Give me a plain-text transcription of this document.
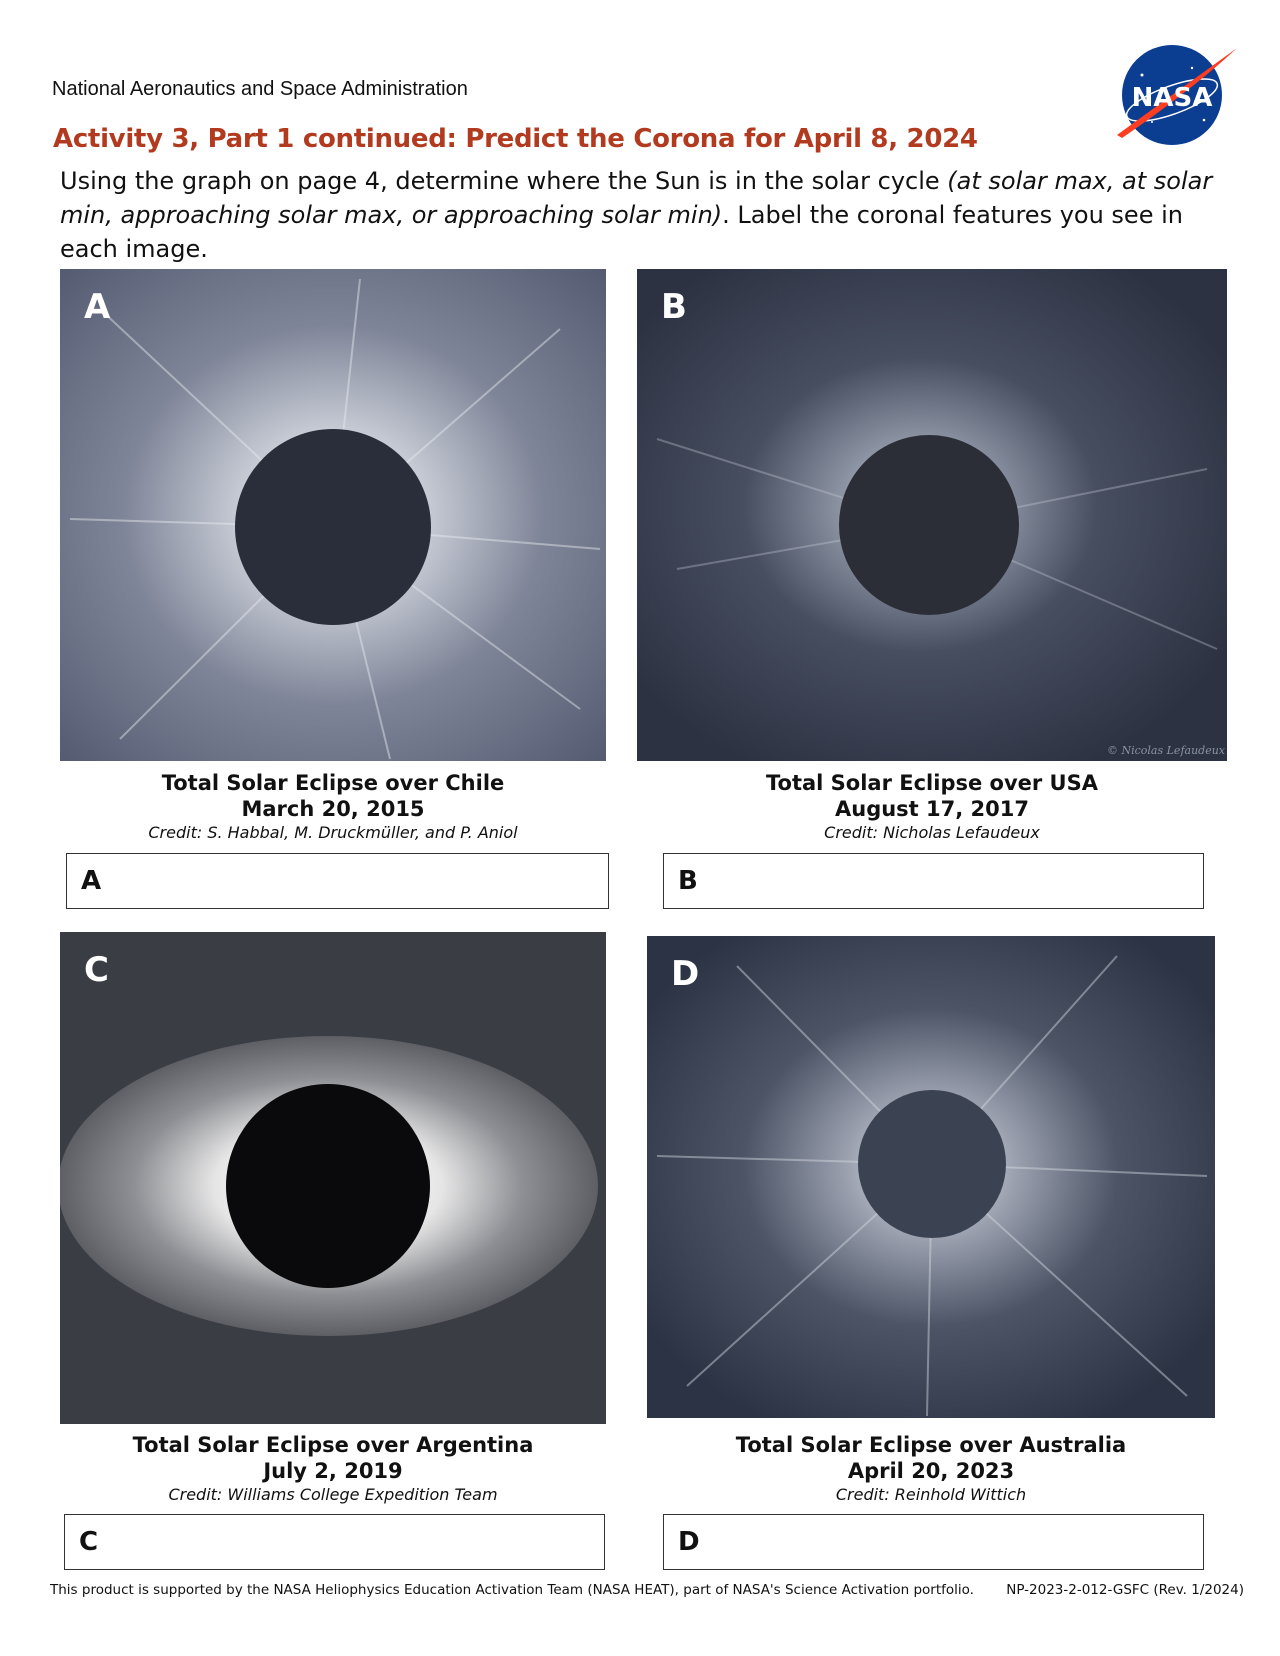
National Aeronautics and Space Administration	NASA
Activity 3, Part 1 continued: Predict the Corona for April 8, 2024
Using the graph on page 4, determine where the Sun is in the solar cycle (at solar max, at solar min, approaching solar max, or approaching solar min). Label the coronal features you see in each image.
A	B
© Nicolas Lefaudeux
C	D
Total Solar Eclipse over Chile
March 20, 2015
Credit: S. Habbal, M. Druckmüller, and P. Aniol
Total Solar Eclipse over USA
August 17, 2017
Credit: Nicholas Lefaudeux
Total Solar Eclipse over Argentina
July 2, 2019
Credit: Williams College Expedition Team
Total Solar Eclipse over Australia
April 20, 2023
Credit: Reinhold Wittich
A	B
C	D
This product is supported by the NASA Heliophysics Education Activation Team (NASA HEAT), part of NASA's Science Activation portfolio. NP-2023-2-012-GSFC (Rev. 1/2024)
